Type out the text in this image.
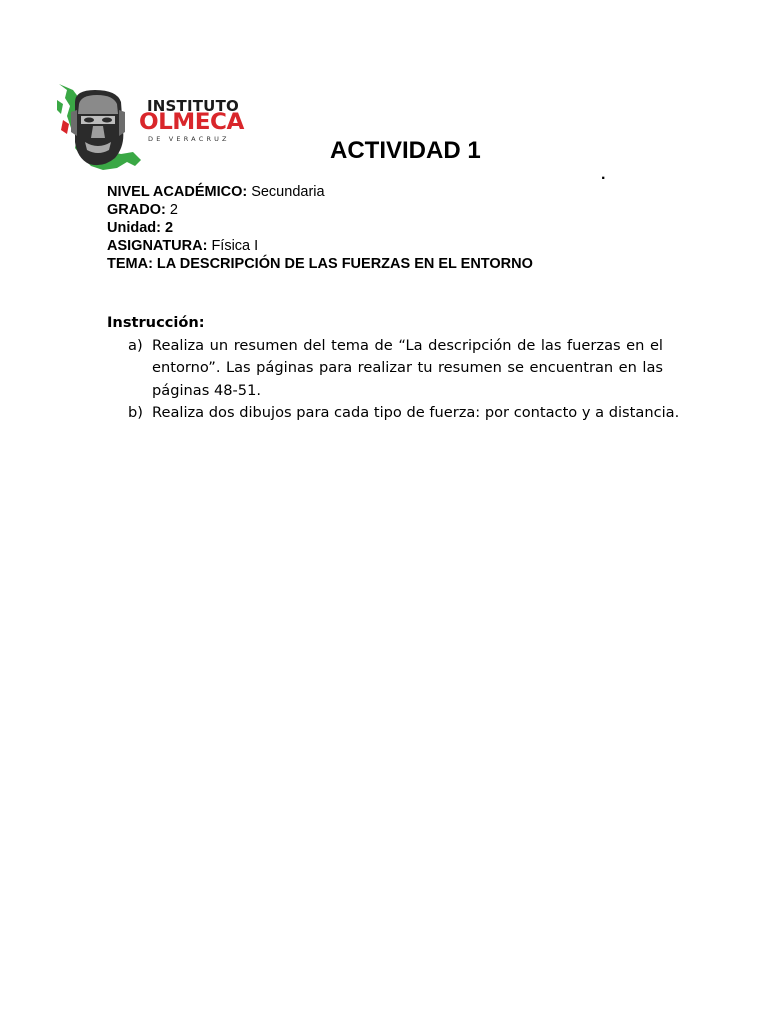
INSTITUTO
OLMECA
DE VERACRUZ	ACTIVIDAD 1
.
NIVEL ACADÉMICO: Secundaria
GRADO: 2
Unidad: 2
ASIGNATURA: Física I
TEMA: LA DESCRIPCIÓN DE LAS FUERZAS EN EL ENTORNO
Instrucción:
a) Realiza un resumen del tema de “La descripción de las fuerzas en el entorno”. Las páginas para realizar tu resumen se encuentran en las páginas 48-51.
b) Realiza dos dibujos para cada tipo de fuerza: por contacto y a distancia.
